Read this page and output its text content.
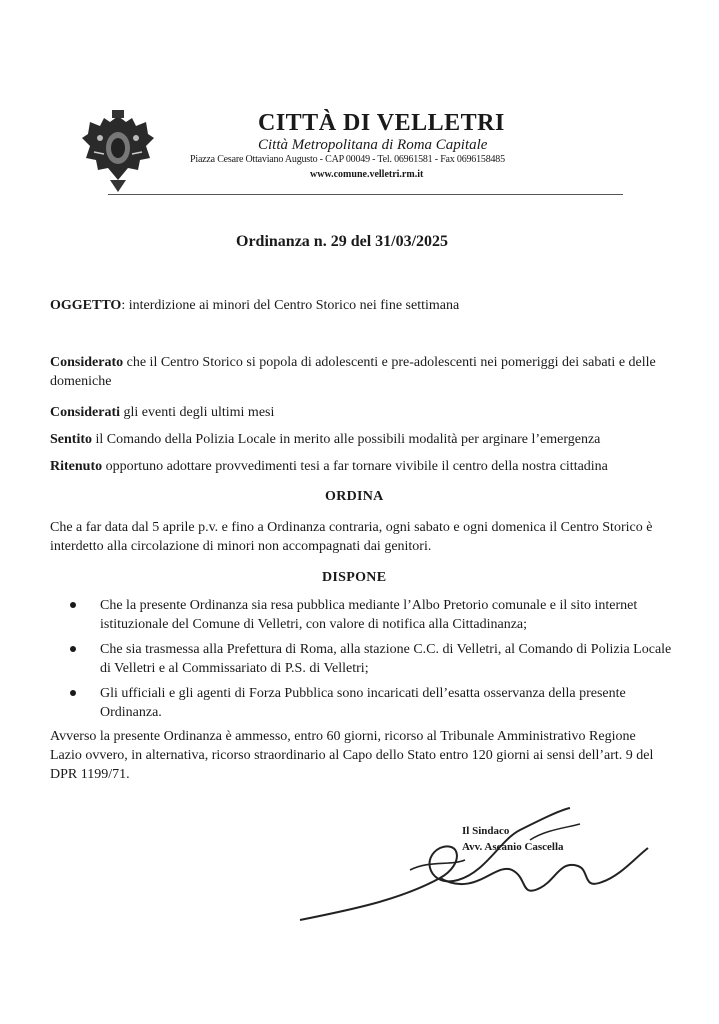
CITTÀ DI VELLETRI
Città Metropolitana di Roma Capitale
Piazza Cesare Ottaviano Augusto - CAP 00049 - Tel. 06961581 - Fax 0696158485
www.comune.velletri.rm.it
Ordinanza n. 29 del 31/03/2025
OGGETTO: interdizione ai minori del Centro Storico nei fine settimana
Considerato che il Centro Storico si popola di adolescenti e pre-adolescenti nei pomeriggi dei sabati e delle domeniche
Considerati gli eventi degli ultimi mesi
Sentito il Comando della Polizia Locale in merito alle possibili modalità per arginare l’emergenza
Ritenuto opportuno adottare provvedimenti tesi a far tornare vivibile il centro della nostra cittadina
ORDINA
Che a far data dal 5 aprile p.v. e fino a Ordinanza contraria, ogni sabato e ogni domenica il Centro Storico è interdetto alla circolazione di minori non accompagnati dai genitori.
DISPONE
Che la presente Ordinanza sia resa pubblica mediante l’Albo Pretorio comunale e il sito internet istituzionale del Comune di Velletri, con valore di notifica alla Cittadinanza;
Che sia trasmessa alla Prefettura di Roma, alla stazione C.C. di Velletri, al Comando di Polizia Locale di Velletri e al Commissariato di P.S. di Velletri;
Gli ufficiali e gli agenti di Forza Pubblica sono incaricati dell’esatta osservanza della presente Ordinanza.
Avverso la presente Ordinanza è ammesso, entro 60 giorni, ricorso al Tribunale Amministrativo Regione Lazio ovvero, in alternativa, ricorso straordinario al Capo dello Stato entro 120 giorni ai sensi dell’art. 9 del DPR 1199/71.
Il Sindaco
Avv. Ascanio Cascella
